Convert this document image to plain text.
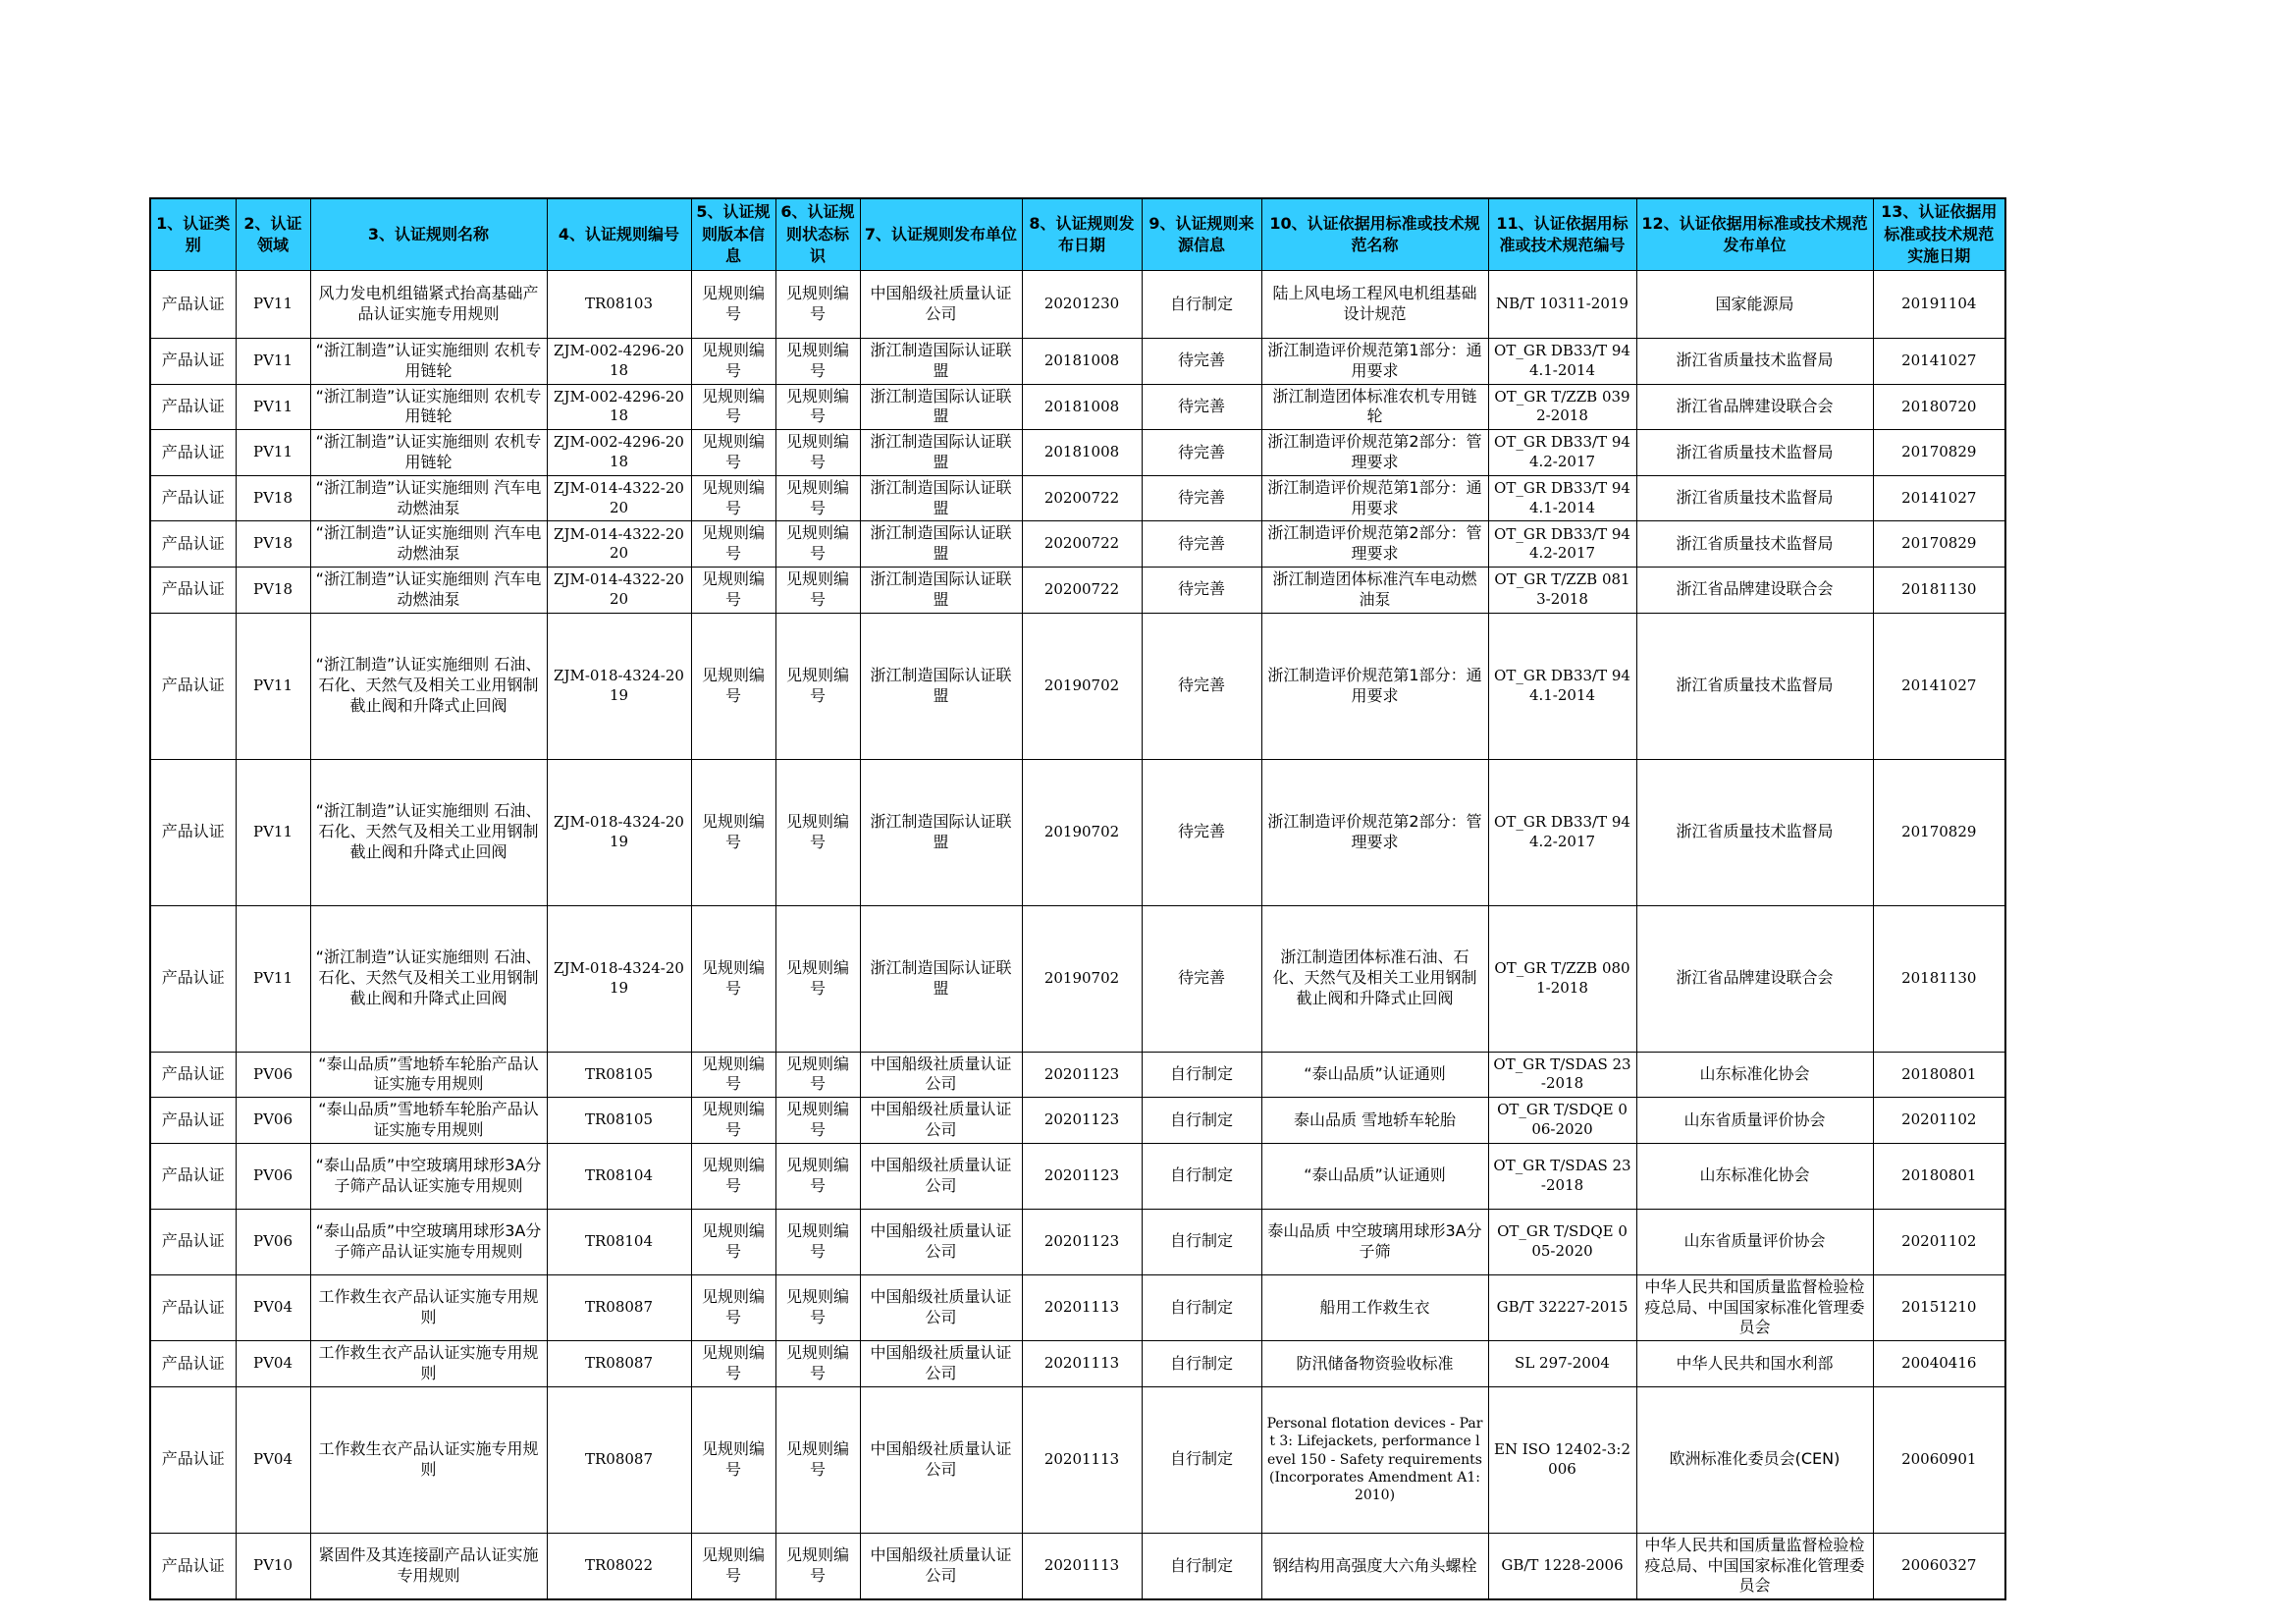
1、认证类别	2、认证领域	3、认证规则名称	4、认证规则编号	5、认证规则版本信息	6、认证规则状态标识	7、认证规则发布单位	8、认证规则发布日期	9、认证规则来源信息	10、认证依据用标准或技术规范名称	11、认证依据用标准或技术规范编号	12、认证依据用标准或技术规范发布单位	13、认证依据用标准或技术规范实施日期
产品认证	PV11	风力发电机组锚紧式抬高基础产品认证实施专用规则	TR08103	见规则编号	见规则编号	中国船级社质量认证公司	20201230	自行制定	陆上风电场工程风电机组基础设计规范	NB/T 10311-2019	国家能源局	20191104
产品认证	PV11	“浙江制造”认证实施细则 农机专用链轮	ZJM-002-4296-2018	见规则编号	见规则编号	浙江制造国际认证联盟	20181008	待完善	浙江制造评价规范第1部分：通用要求	OT_GR DB33/T 944.1-2014	浙江省质量技术监督局	20141027
产品认证	PV11	“浙江制造”认证实施细则 农机专用链轮	ZJM-002-4296-2018	见规则编号	见规则编号	浙江制造国际认证联盟	20181008	待完善	浙江制造团体标准农机专用链轮	OT_GR T/ZZB 0392-2018	浙江省品牌建设联合会	20180720
产品认证	PV11	“浙江制造”认证实施细则 农机专用链轮	ZJM-002-4296-2018	见规则编号	见规则编号	浙江制造国际认证联盟	20181008	待完善	浙江制造评价规范第2部分：管理要求	OT_GR DB33/T 944.2-2017	浙江省质量技术监督局	20170829
产品认证	PV18	“浙江制造”认证实施细则 汽车电动燃油泵	ZJM-014-4322-2020	见规则编号	见规则编号	浙江制造国际认证联盟	20200722	待完善	浙江制造评价规范第1部分：通用要求	OT_GR DB33/T 944.1-2014	浙江省质量技术监督局	20141027
产品认证	PV18	“浙江制造”认证实施细则 汽车电动燃油泵	ZJM-014-4322-2020	见规则编号	见规则编号	浙江制造国际认证联盟	20200722	待完善	浙江制造评价规范第2部分：管理要求	OT_GR DB33/T 944.2-2017	浙江省质量技术监督局	20170829
产品认证	PV18	“浙江制造”认证实施细则 汽车电动燃油泵	ZJM-014-4322-2020	见规则编号	见规则编号	浙江制造国际认证联盟	20200722	待完善	浙江制造团体标准汽车电动燃油泵	OT_GR T/ZZB 0813-2018	浙江省品牌建设联合会	20181130
产品认证	PV11	“浙江制造”认证实施细则 石油、石化、天然气及相关工业用钢制截止阀和升降式止回阀	ZJM-018-4324-2019	见规则编号	见规则编号	浙江制造国际认证联盟	20190702	待完善	浙江制造评价规范第1部分：通用要求	OT_GR DB33/T 944.1-2014	浙江省质量技术监督局	20141027
产品认证	PV11	“浙江制造”认证实施细则 石油、石化、天然气及相关工业用钢制截止阀和升降式止回阀	ZJM-018-4324-2019	见规则编号	见规则编号	浙江制造国际认证联盟	20190702	待完善	浙江制造评价规范第2部分：管理要求	OT_GR DB33/T 944.2-2017	浙江省质量技术监督局	20170829
产品认证	PV11	“浙江制造”认证实施细则 石油、石化、天然气及相关工业用钢制截止阀和升降式止回阀	ZJM-018-4324-2019	见规则编号	见规则编号	浙江制造国际认证联盟	20190702	待完善	浙江制造团体标准石油、石化、天然气及相关工业用钢制截止阀和升降式止回阀	OT_GR T/ZZB 0801-2018	浙江省品牌建设联合会	20181130
产品认证	PV06	“泰山品质”雪地轿车轮胎产品认证实施专用规则	TR08105	见规则编号	见规则编号	中国船级社质量认证公司	20201123	自行制定	“泰山品质”认证通则	OT_GR T/SDAS 23-2018	山东标准化协会	20180801
产品认证	PV06	“泰山品质”雪地轿车轮胎产品认证实施专用规则	TR08105	见规则编号	见规则编号	中国船级社质量认证公司	20201123	自行制定	泰山品质 雪地轿车轮胎	OT_GR T/SDQE 006-2020	山东省质量评价协会	20201102
产品认证	PV06	“泰山品质”中空玻璃用球形3A分子筛产品认证实施专用规则	TR08104	见规则编号	见规则编号	中国船级社质量认证公司	20201123	自行制定	“泰山品质”认证通则	OT_GR T/SDAS 23-2018	山东标准化协会	20180801
产品认证	PV06	“泰山品质”中空玻璃用球形3A分子筛产品认证实施专用规则	TR08104	见规则编号	见规则编号	中国船级社质量认证公司	20201123	自行制定	泰山品质 中空玻璃用球形3A分子筛	OT_GR T/SDQE 005-2020	山东省质量评价协会	20201102
产品认证	PV04	工作救生衣产品认证实施专用规则	TR08087	见规则编号	见规则编号	中国船级社质量认证公司	20201113	自行制定	船用工作救生衣	GB/T 32227-2015	中华人民共和国质量监督检验检疫总局、中国国家标准化管理委员会	20151210
产品认证	PV04	工作救生衣产品认证实施专用规则	TR08087	见规则编号	见规则编号	中国船级社质量认证公司	20201113	自行制定	防汛储备物资验收标准	SL 297-2004	中华人民共和国水利部	20040416
产品认证	PV04	工作救生衣产品认证实施专用规则	TR08087	见规则编号	见规则编号	中国船级社质量认证公司	20201113	自行制定	Personal flotation devices - Part 3: Lifejackets, performance level 150 - Safety requirements (Incorporates Amendment A1: 2010)	EN ISO 12402-3:2006	欧洲标准化委员会(CEN)	20060901
产品认证	PV10	紧固件及其连接副产品认证实施专用规则	TR08022	见规则编号	见规则编号	中国船级社质量认证公司	20201113	自行制定	钢结构用高强度大六角头螺栓	GB/T 1228-2006	中华人民共和国质量监督检验检疫总局、中国国家标准化管理委员会	20060327
